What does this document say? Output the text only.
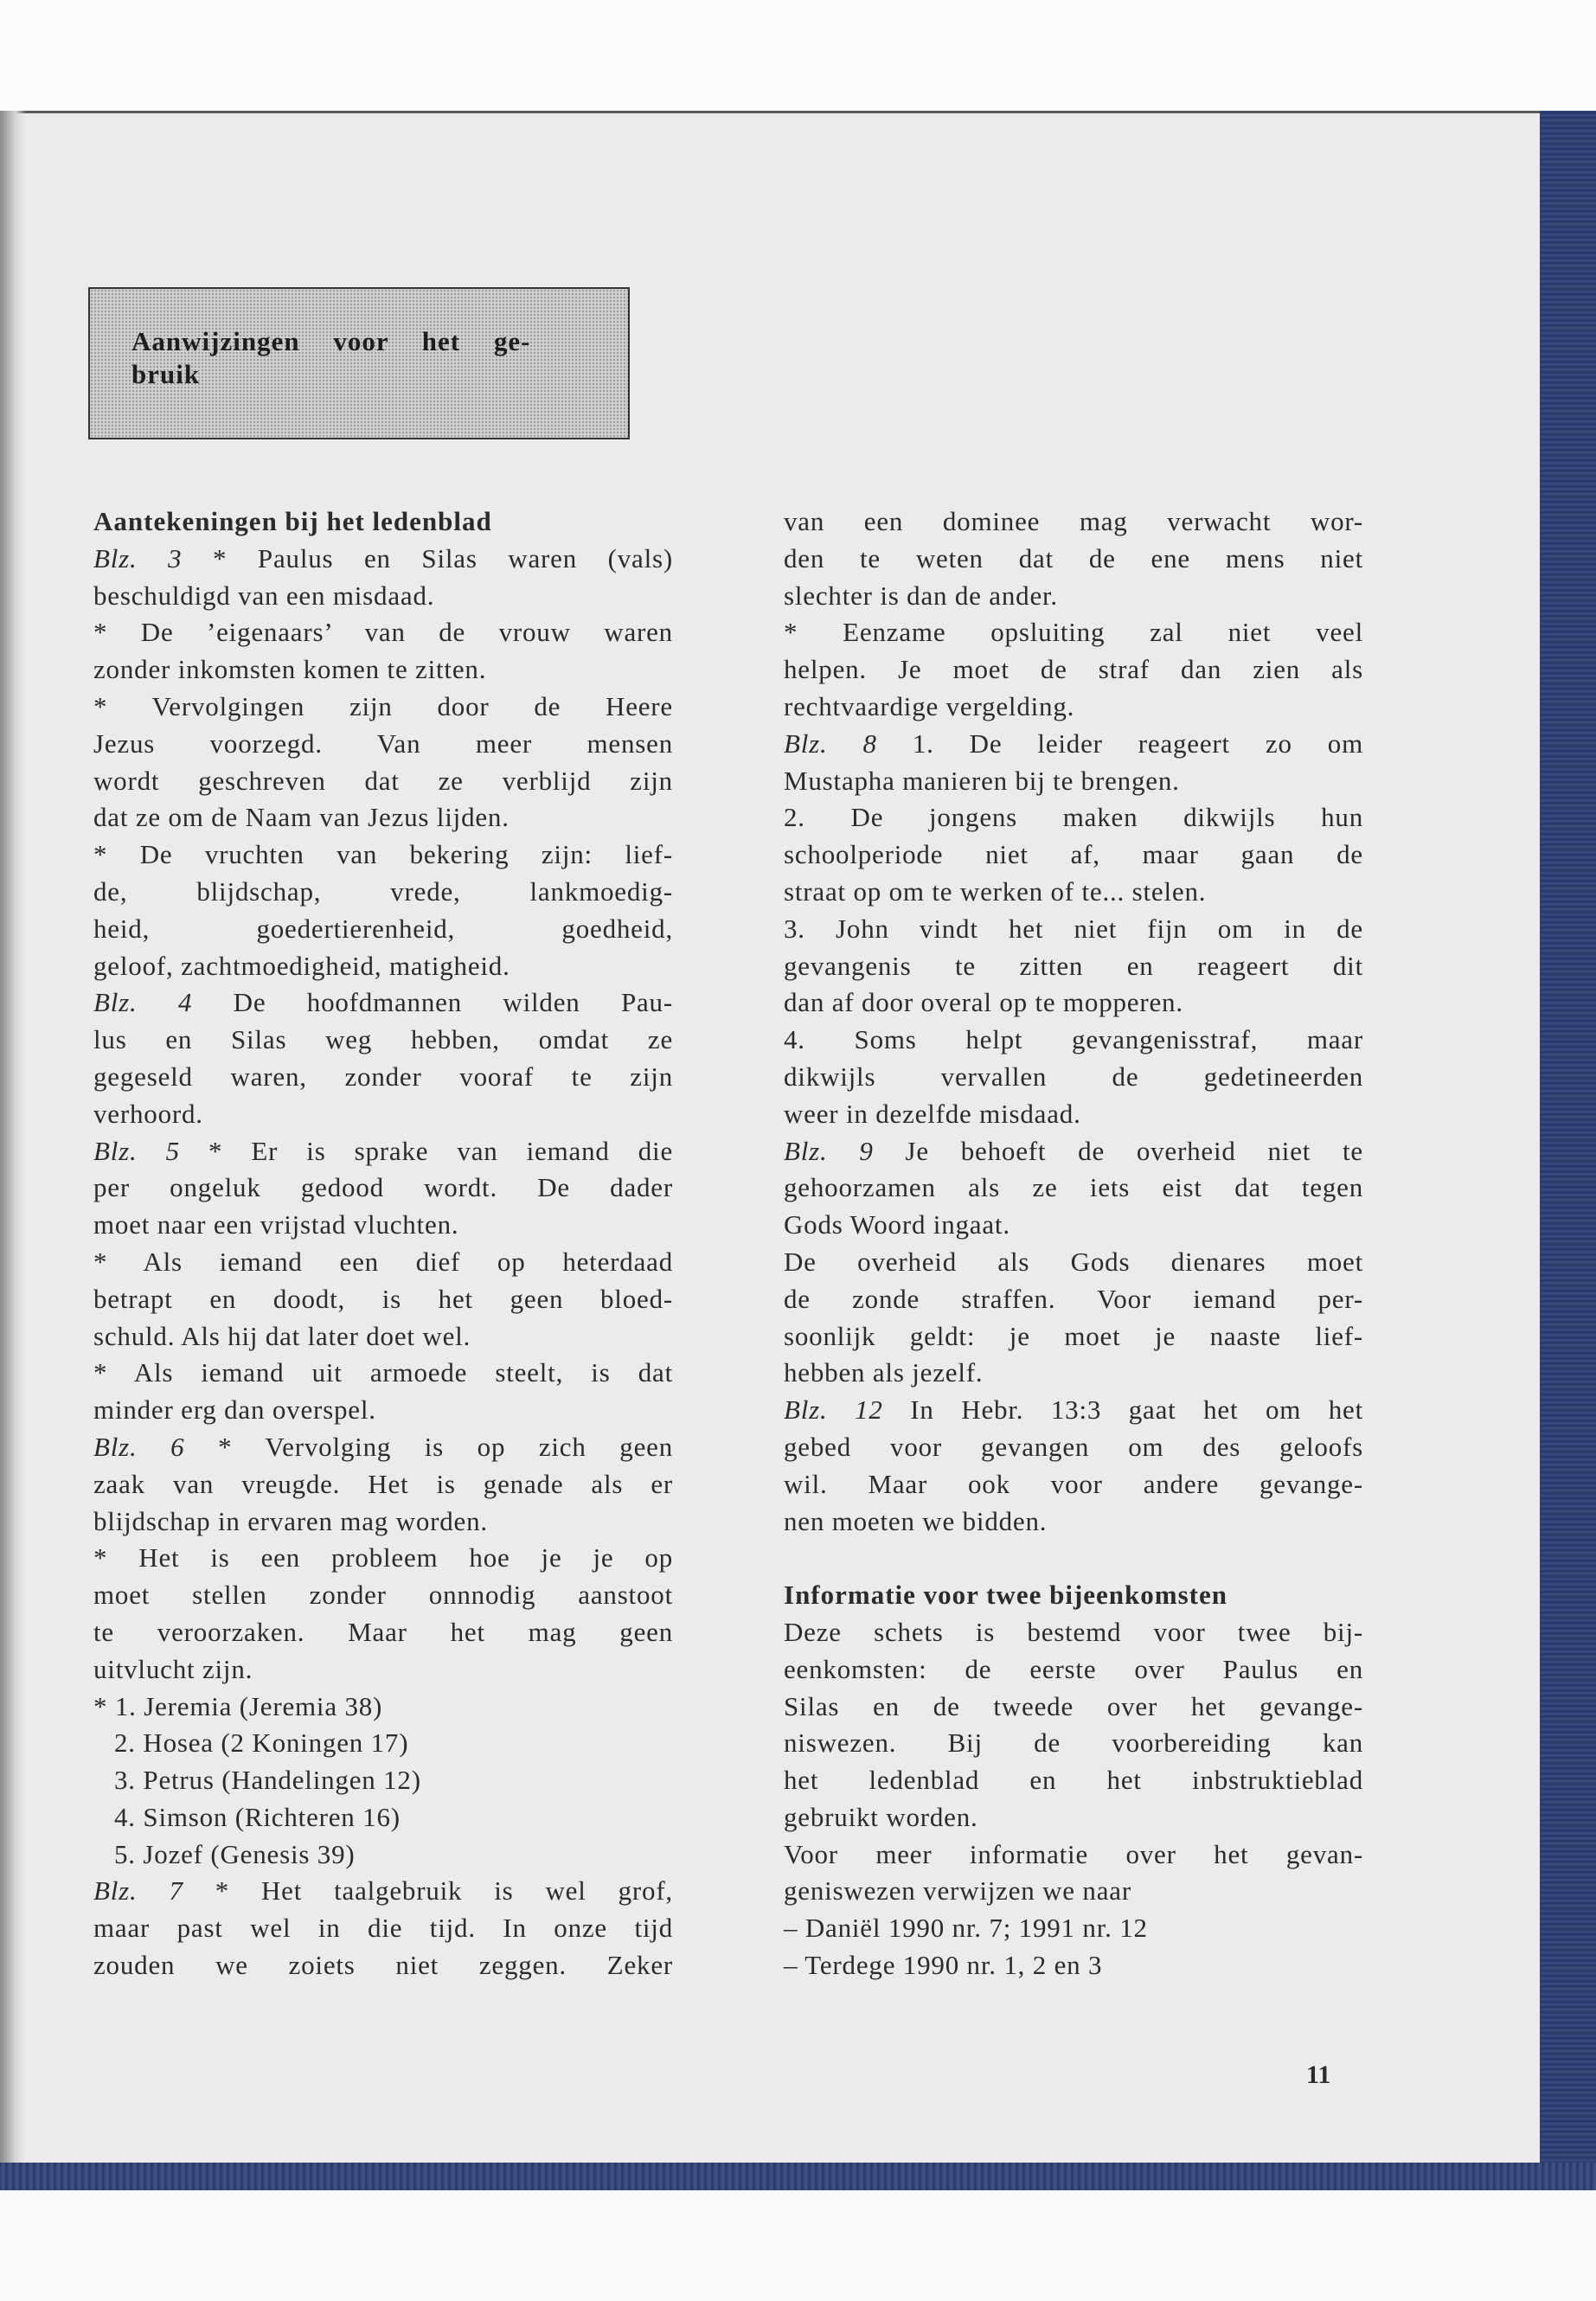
Aanwijzingen voor het ge-
bruik
Aantekeningen bij het ledenblad
Blz. 3 * Paulus en Silas waren (vals)
beschuldigd van een misdaad.
* De ’eigenaars’ van de vrouw waren
zonder inkomsten komen te zitten.
* Vervolgingen zijn door de Heere
Jezus voorzegd. Van meer mensen
wordt geschreven dat ze verblijd zijn
dat ze om de Naam van Jezus lijden.
* De vruchten van bekering zijn: lief-
de, blijdschap, vrede, lankmoedig-
heid, goedertierenheid, goedheid,
geloof, zachtmoedigheid, matigheid.
Blz. 4 De hoofdmannen wilden Pau-
lus en Silas weg hebben, omdat ze
gegeseld waren, zonder vooraf te zijn
verhoord.
Blz. 5 * Er is sprake van iemand die
per ongeluk gedood wordt. De dader
moet naar een vrijstad vluchten.
* Als iemand een dief op heterdaad
betrapt en doodt, is het geen bloed-
schuld. Als hij dat later doet wel.
* Als iemand uit armoede steelt, is dat
minder erg dan overspel.
Blz. 6 * Vervolging is op zich geen
zaak van vreugde. Het is genade als er
blijdschap in ervaren mag worden.
* Het is een probleem hoe je je op
moet stellen zonder onnnodig aanstoot
te veroorzaken. Maar het mag geen
uitvlucht zijn.
* 1. Jeremia (Jeremia 38)
2. Hosea (2 Koningen 17)
3. Petrus (Handelingen 12)
4. Simson (Richteren 16)
5. Jozef (Genesis 39)
Blz. 7 * Het taalgebruik is wel grof,
maar past wel in die tijd. In onze tijd
zouden we zoiets niet zeggen. Zeker
van een dominee mag verwacht wor-
den te weten dat de ene mens niet
slechter is dan de ander.
* Eenzame opsluiting zal niet veel
helpen. Je moet de straf dan zien als
rechtvaardige vergelding.
Blz. 8 1. De leider reageert zo om
Mustapha manieren bij te brengen.
2. De jongens maken dikwijls hun
schoolperiode niet af, maar gaan de
straat op om te werken of te... stelen.
3. John vindt het niet fijn om in de
gevangenis te zitten en reageert dit
dan af door overal op te mopperen.
4. Soms helpt gevangenisstraf, maar
dikwijls vervallen de gedetineerden
weer in dezelfde misdaad.
Blz. 9 Je behoeft de overheid niet te
gehoorzamen als ze iets eist dat tegen
Gods Woord ingaat.
De overheid als Gods dienares moet
de zonde straffen. Voor iemand per-
soonlijk geldt: je moet je naaste lief-
hebben als jezelf.
Blz. 12 In Hebr. 13:3 gaat het om het
gebed voor gevangen om des geloofs
wil. Maar ook voor andere gevange-
nen moeten we bidden.
Informatie voor twee bijeenkomsten
Deze schets is bestemd voor twee bij-
eenkomsten: de eerste over Paulus en
Silas en de tweede over het gevange-
niswezen. Bij de voorbereiding kan
het ledenblad en het inbstruktieblad
gebruikt worden.
Voor meer informatie over het gevan-
geniswezen verwijzen we naar
– Daniël 1990 nr. 7; 1991 nr. 12
– Terdege 1990 nr. 1, 2 en 3
11
